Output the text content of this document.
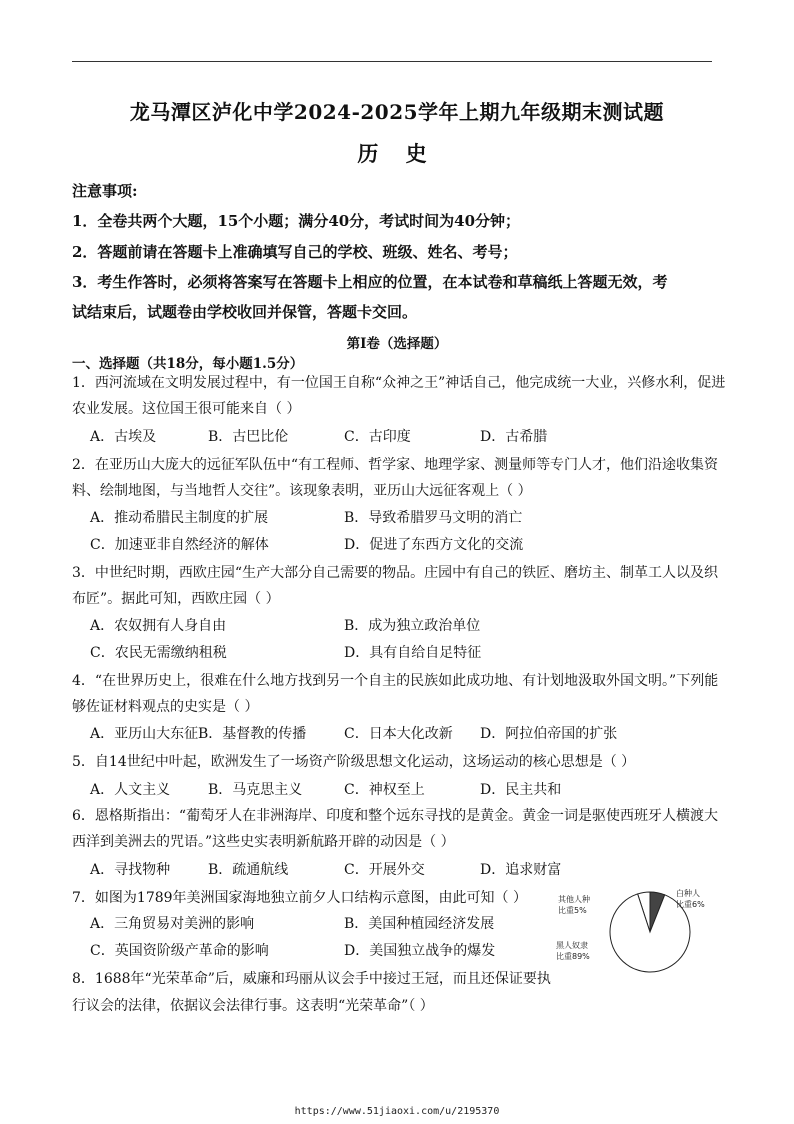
龙马潭区泸化中学2024-2025学年上期九年级期末测试题
历 史
注意事项:
1．全卷共两个大题，15个小题；满分40分，考试时间为40分钟；
2．答题前请在答题卡上准确填写自己的学校、班级、姓名、考号；
3．考生作答时，必须将答案写在答题卡上相应的位置，在本试卷和草稿纸上答题无效，考
试结束后，试题卷由学校收回并保管，答题卡交回。
第Ⅰ卷（选择题）
一、选择题（共18分，每小题1.5分）
1．西河流域在文明发展过程中，有一位国王自称“众神之王”神话自己，他完成统一大业，兴修水利，促进
农业发展。这位国王很可能来自（ ）
A．古埃及	B．古巴比伦	C．古印度	D．古希腊
2．在亚历山大庞大的远征军队伍中“有工程师、哲学家、地理学家、测量师等专门人才，他们沿途收集资
料、绘制地图，与当地哲人交往”。该现象表明，亚历山大远征客观上（ ）
A．推动希腊民主制度的扩展	B．导致希腊罗马文明的消亡
C．加速亚非自然经济的解体	D．促进了东西方文化的交流
3．中世纪时期，西欧庄园“生产大部分自己需要的物品。庄园中有自己的铁匠、磨坊主、制革工人以及织
布匠”。据此可知，西欧庄园（ ）
A．农奴拥有人身自由	B．成为独立政治单位
C．农民无需缴纳租税	D．具有自给自足特征
4．“在世界历史上，很难在什么地方找到另一个自主的民族如此成功地、有计划地汲取外国文明。”下列能
够佐证材料观点的史实是（ ）
A．亚历山大东征 B．基督教的传播	C．日本大化改新 D．阿拉伯帝国的扩张
5．自14世纪中叶起，欧洲发生了一场资产阶级思想文化运动，这场运动的核心思想是（ ）
A．人文主义	B．马克思主义	C．神权至上	D．民主共和
6．恩格斯指出：“葡萄牙人在非洲海岸、印度和整个远东寻找的是黄金。黄金一词是驱使西班牙人横渡大
西洋到美洲去的咒语。”这些史实表明新航路开辟的动因是（ ）
A．寻找物种	B．疏通航线	C．开展外交	D．追求财富
7．如图为1789年美洲国家海地独立前夕人口结构示意图，由此可知（ ）
A．三角贸易对美洲的影响	B．美国种植园经济发展
C．英国资阶级产革命的影响	D．美国独立战争的爆发
8．1688年“光荣革命”后，威廉和玛丽从议会手中接过王冠，而且还保证要执
行议会的法律，依据议会法律行事。这表明“光荣革命”（ ）
其他人种
比重5%
白种人
比重6%
黑人奴隶
比重89%
https://www.51jiaoxi.com/u/2195370
